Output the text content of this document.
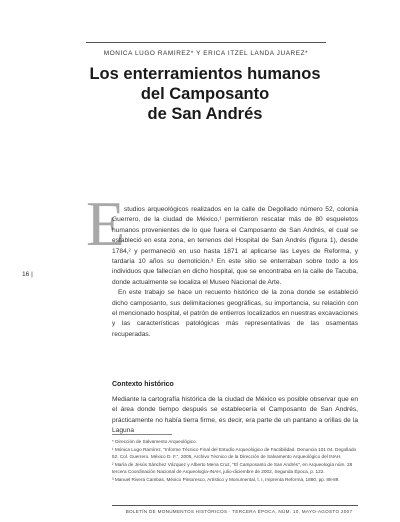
MÓNICA LUGO RAMÍREZ* Y ERICA ITZEL LANDA JUÁREZ*
Los enterramientos humanos
del Camposanto
de San Andrés
E

studios arqueológicos realizados en la calle de Degollado número 52, colonia Guerrero, de la ciudad de México,¹ permitieron rescatar más de 80 esqueletos humanos provenientes de lo que fuera el Camposanto de San Andrés, el cual se estableció en esta zona, en terrenos del Hospital de San Andrés (figura 1), desde 1784,² y permaneció en uso hasta 1871 al aplicarse las Leyes de Reforma, y tardaría 10 años su demolición.³ En este sitio se enterraban sobre todo a los individuos que fallecían en dicho hospital, que se encontraba en la calle de Tacuba, donde actualmente se localiza el Museo Nacional de Arte.

En este trabajo se hace un recuento histórico de la zona donde se estableció dicho camposanto, sus delimitaciones geográficas, su importancia, su relación con el mencionado hospital, el patrón de entierros localizados en nuestras excavaciones y las características patológicas más representativas de las osamentas recuperadas.

16 |
Contexto histórico

Mediante la cartografía histórica de la ciudad de México es posible observar que en el área donde tiempo después se establecería el Camposanto de San Andrés, prácticamente no había tierra firme, es decir, era parte de un pantano a orillas de la Laguna

* Dirección de Salvamento Arqueológico.

¹ Mónica Lugo Ramírez, "Informe Técnico Final del Estudio Arqueológico de Factibilidad. Denuncia 101 04. Degollado 52. Col. Guerrero. México D. F.", 2005, Archivo Técnico de la Dirección de Salvamento Arqueológico del INAH.

² María de Jesús Sánchez Vázquez y Alberto Mena Cruz, "El Camposanto de San Andrés", en Arqueología núm. 28 tercera Coordinación Nacional de Arqueología-INAH, julio-diciembre de 2002, Segunda Época, p. 122.

³ Manuel Rivera Cambas, México Pintoresco, Artístico y Monumental, t. I, Imprenta Reforma, 1880, pp. 88-89.

BOLETÍN DE MONUMENTOS HISTÓRICOS · TERCERA ÉPOCA, NÚM. 10, MAYO-AGOSTO 2007
